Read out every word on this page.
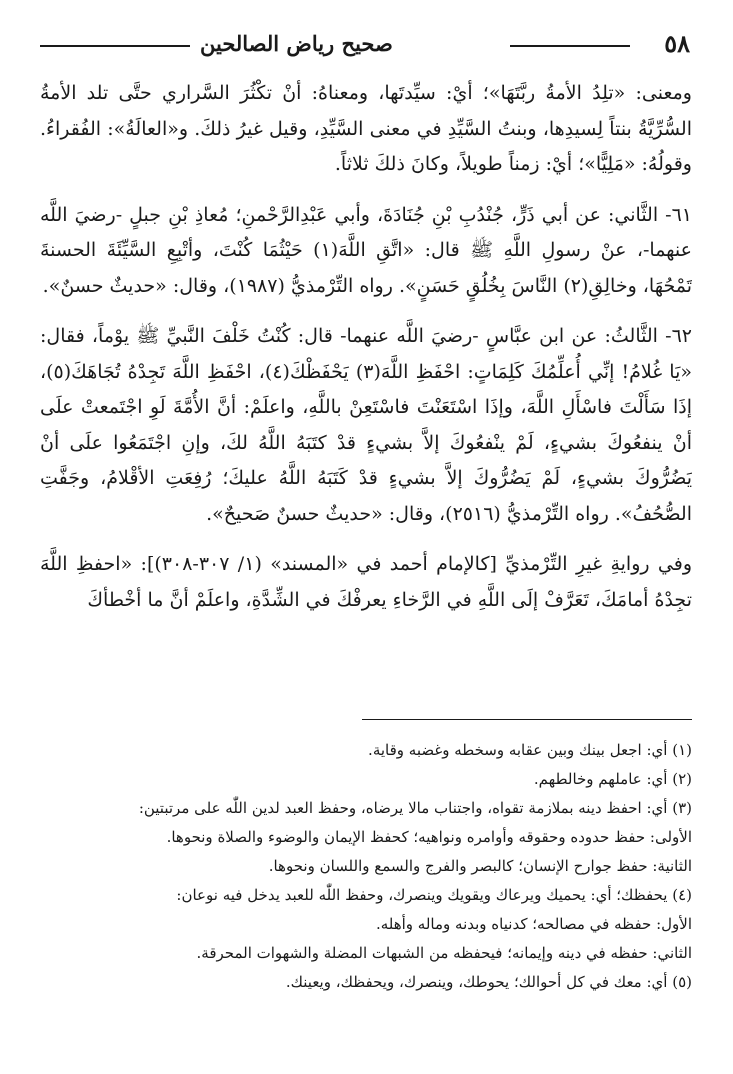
٥٨
صحيح رياض الصالحين

ومعنى: «تلِدُ الأمةُ ربَّتَهَا»؛ أيْ: سيِّدتَها، ومعناهُ: أنْ تكْثُرَ السَّراري حتَّى تلد الأمةُ السُّرِّيَّةُ بنتاً لِسيدِها، وبنتُ السَّيِّدِ في معنى السَّيِّدِ، وقيل غيرُ ذلكَ. و«العالَةُ»: الفُقراءُ. وقولُهُ: «مَلِيًّا»؛ أيْ: زمناً طويلاً، وكانَ ذلكَ ثلاثاً.

٦١- الثَّاني: عن أبي ذَرٍّ، جُنْدُبِ بْنِ جُنَادَةَ، وأبي عَبْدِالرَّحْمنِ؛ مُعاذِ بْنِ جبلٍ -رضيَ اللَّه عنهما-، عنْ رسولِ اللَّهِ ﷺ قال: «اتَّقِ اللَّهَ(١) حَيْثُمَا كُنْتَ، وأتْبِعِ السَّيِّئَةَ الحسنةَ تَمْحُهَا، وخالِقِ(٢) النَّاسَ بِخُلُقٍ حَسَنٍ». رواه التِّرْمذيُّ (١٩٨٧)، وقال: «حديثٌ حسنٌ».

٦٢- الثَّالثُ: عن ابن عبَّاسٍ -رضيَ اللَّه عنهما- قال: كُنْتُ خَلْفَ النَّبيِّ ﷺ يوْماً، فقال: «يَا غُلامُ! إنِّي أُعلِّمُكَ كَلِمَاتٍ: احْفَظِ اللَّهَ(٣) يَحْفَظْكَ(٤)، احْفَظِ اللَّهَ تَجِدْهُ تُجَاهَكَ(٥)، إذَا سَأَلْتَ فاسْأَلِ اللَّهَ، وإذَا اسْتَعَنْتَ فاسْتَعِنْ باللَّهِ، واعلَمْ: أنَّ الأُمَّةَ لَوِ اجْتَمعتْ علَى أنْ ينفعُوكَ بشيءٍ، لَمْ ينْفعُوكَ إلاَّ بشيءٍ قدْ كتَبَهُ اللَّهُ لكَ، وإنِ اجْتَمَعُوا علَى أنْ يَضُرُّوكَ بشيءٍ، لَمْ يَضُرُّوكَ إلاَّ بشيءٍ قدْ كَتَبَهُ اللَّهُ عليكَ؛ رُفِعَتِ الأقْلامُ، وجَفَّتِ الصُّحُفُ». رواه التِّرْمذيُّ (٢٥١٦)، وقال: «حديثٌ حسنٌ صَحيحٌ».

وفي روايةِ غيرِ التِّرْمذيِّ [كالإمام أحمد في «المسند» (١/ ٣٠٧-٣٠٨)]: «احفظِ اللَّهَ تجِدْهُ أمامَكَ، تَعَرَّفْ إلَى اللَّهِ في الرَّخاءِ يعرفْكَ في الشِّدَّةِ، واعلَمْ أنَّ ما أخْطأكَ

(١) أي: اجعل بينك وبين عقابه وسخطه وغضبه وقاية.
(٢) أي: عاملهم وخالطهم.
(٣) أي: احفظ دينه بملازمة تقواه، واجتناب مالا يرضاه، وحفظ العبد لدين اللّٰه على مرتبتين:
الأولى: حفظ حدوده وحقوقه وأوامره ونواهيه؛ كحفظ الإيمان والوضوء والصلاة ونحوها.
الثانية: حفظ جوارح الإنسان؛ كالبصر والفرج والسمع واللسان ونحوها.
(٤) يحفظك؛ أي: يحميك ويرعاك ويقويك وينصرك، وحفظ اللّٰه للعبد يدخل فيه نوعان:
الأول: حفظه في مصالحه؛ كدنياه وبدنه وماله وأهله.
الثاني: حفظه في دينه وإيمانه؛ فيحفظه من الشبهات المضلة والشهوات المحرقة.
(٥) أي: معك في كل أحوالك؛ يحوطك، وينصرك، ويحفظك، ويعينك.
